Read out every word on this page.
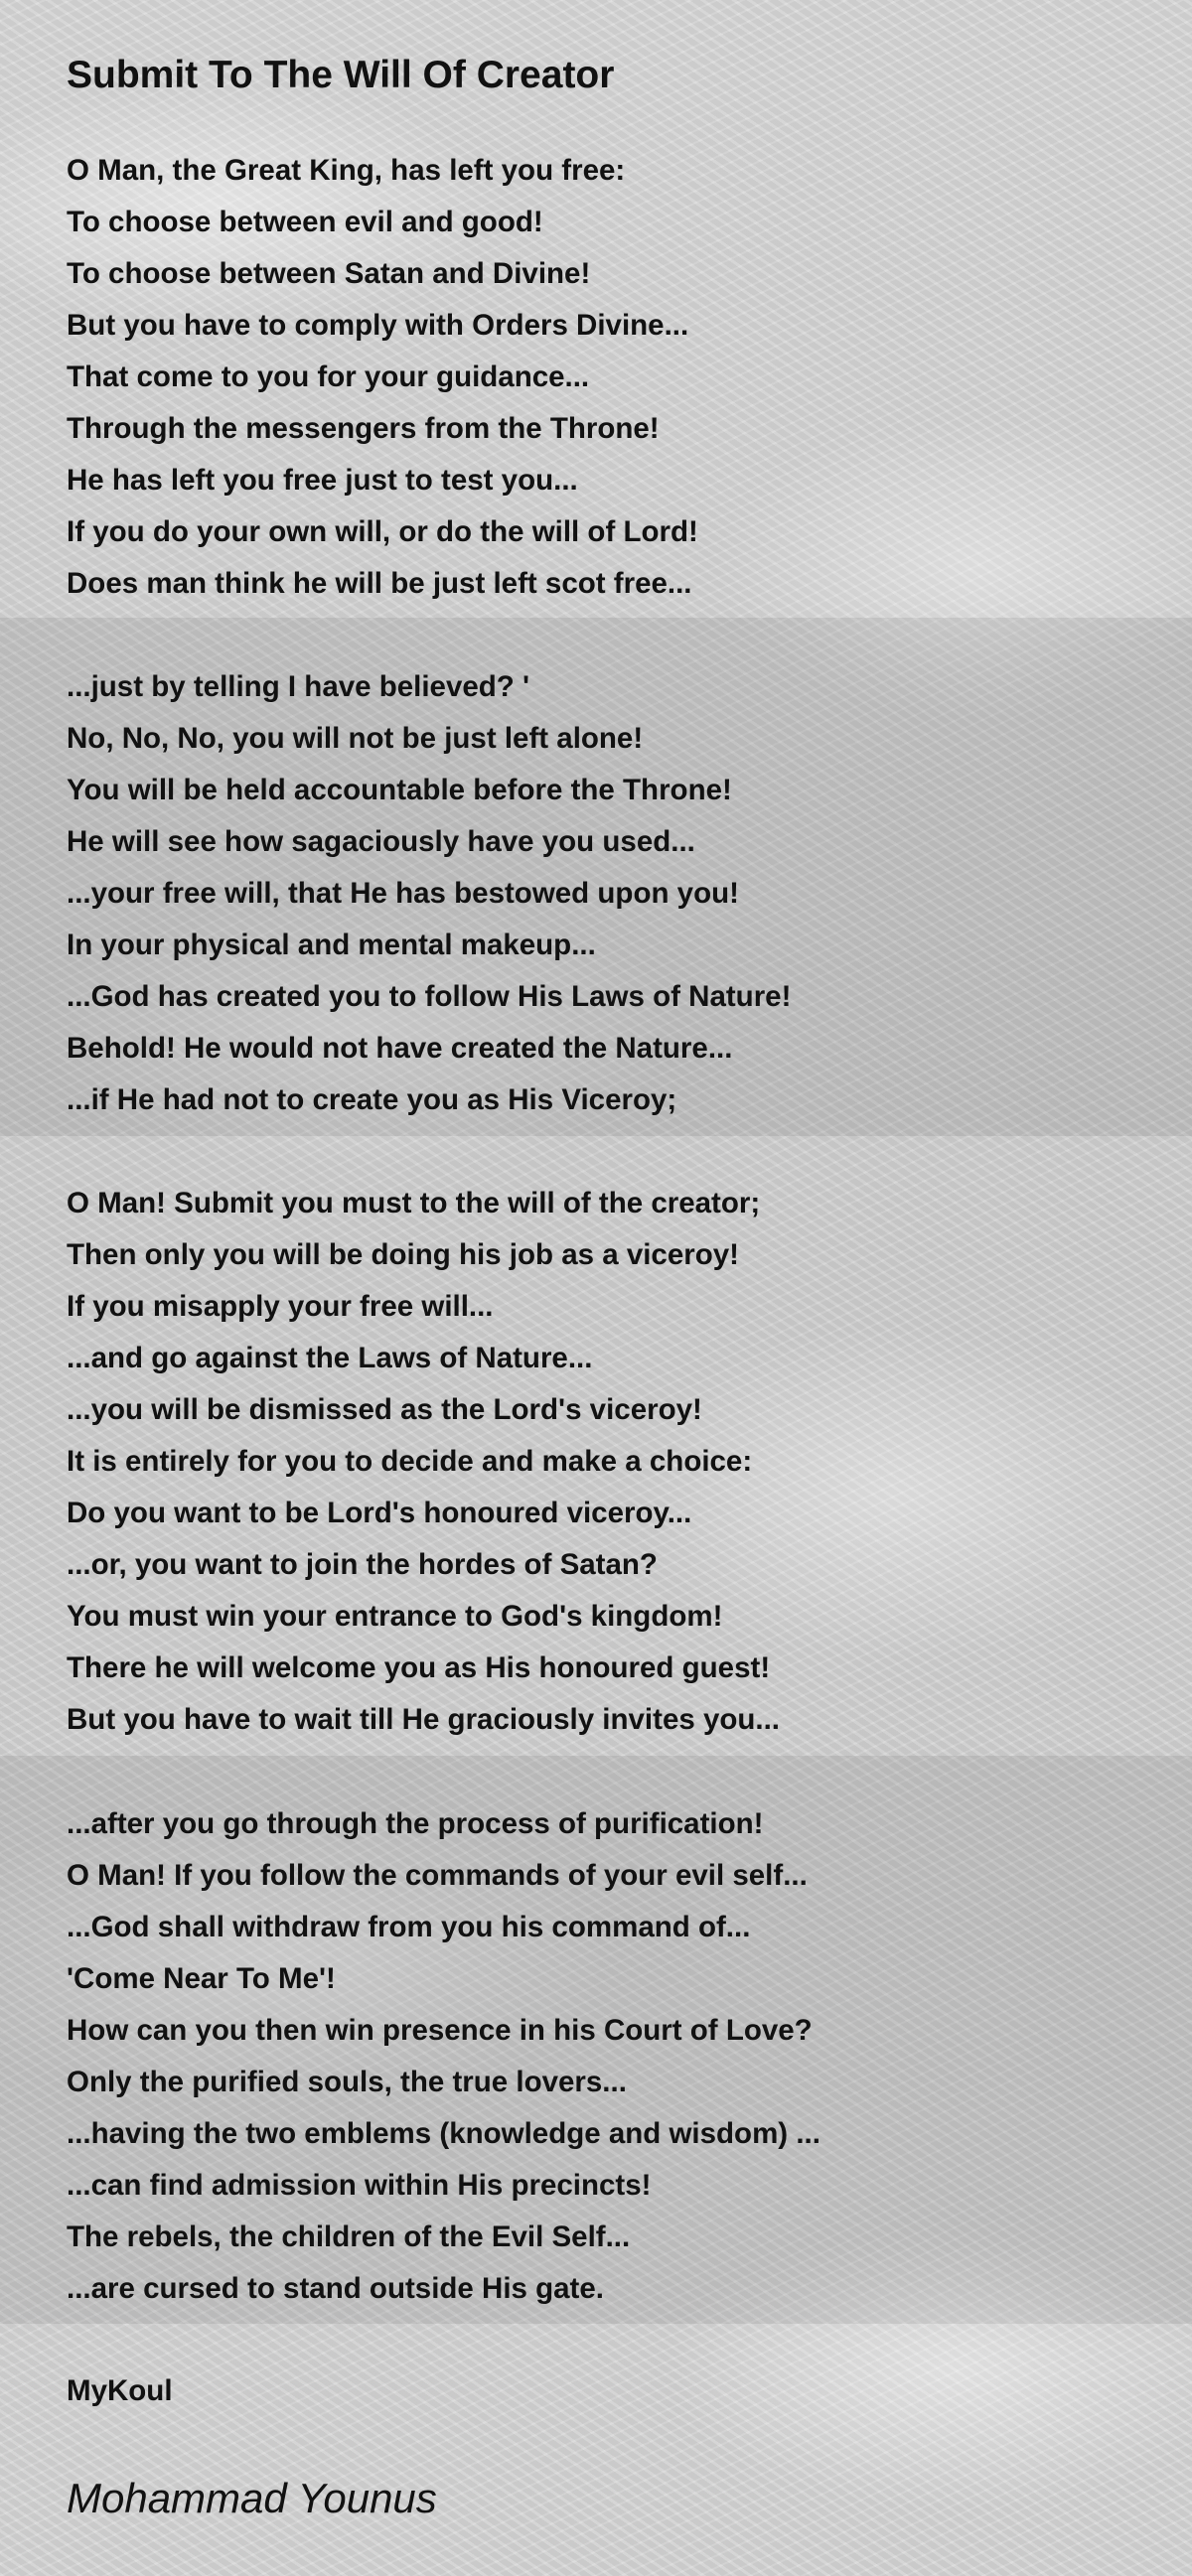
Submit To The Will Of Creator
O Man, the Great King, has left you free:
To choose between evil and good!
To choose between Satan and Divine!
But you have to comply with Orders Divine...
That come to you for your guidance...
Through the messengers from the Throne!
He has left you free just to test you...
If you do your own will, or do the will of Lord!
Does man think he will be just left scot free...
...just by telling I have believed? '
No, No, No, you will not be just left alone!
You will be held accountable before the Throne!
He will see how sagaciously have you used...
...your free will, that He has bestowed upon you!
In your physical and mental makeup...
...God has created you to follow His Laws of Nature!
Behold! He would not have created the Nature...
...if He had not to create you as His Viceroy;
O Man! Submit you must to the will of the creator;
Then only you will be doing his job as a viceroy!
If you misapply your free will...
...and go against the Laws of Nature...
...you will be dismissed as the Lord's viceroy!
It is entirely for you to decide and make a choice:
Do you want to be Lord's honoured viceroy...
...or, you want to join the hordes of Satan?
You must win your entrance to God's kingdom!
There he will welcome you as His honoured guest!
But you have to wait till He graciously invites you...
...after you go through the process of purification!
O Man! If you follow the commands of your evil self...
...God shall withdraw from you his command of...
'Come Near To Me'!
How can you then win presence in his Court of Love?
Only the purified souls, the true lovers...
...having the two emblems (knowledge and wisdom) ...
...can find admission within His precincts!
The rebels, the children of the Evil Self...
...are cursed to stand outside His gate.
MyKoul
Mohammad Younus
